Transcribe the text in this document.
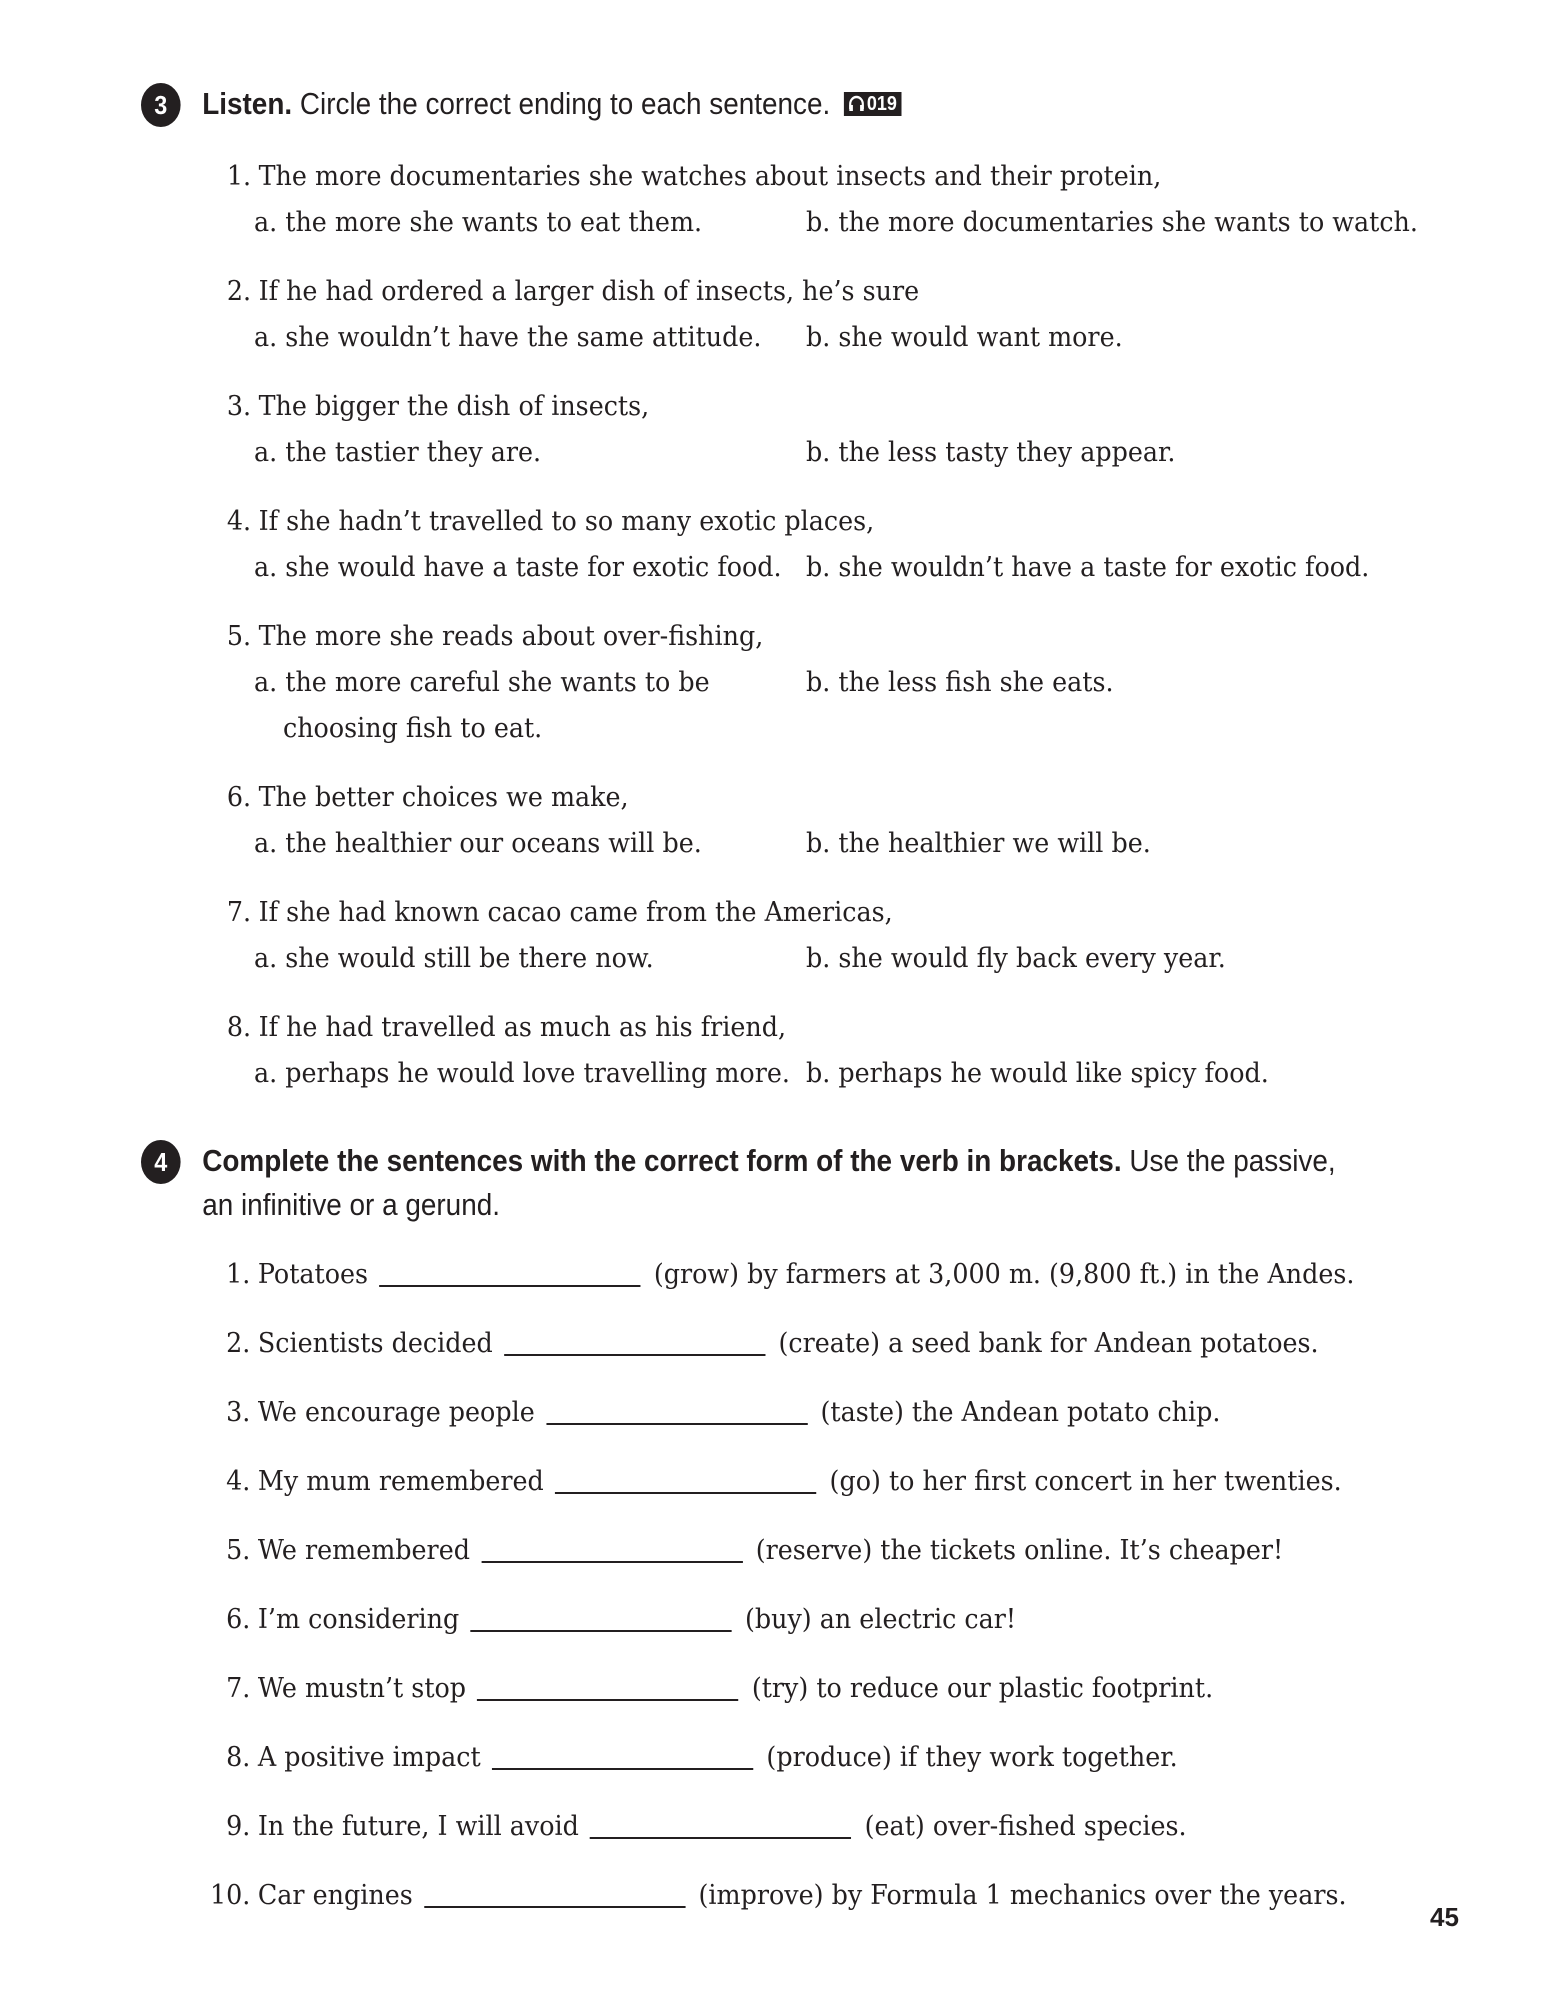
3	Listen. Circle the correct ending to each sentence. 019
1. The more documentaries she watches about insects and their protein,
a. the more she wants to eat them.	b. the more documentaries she wants to watch.
2. If he had ordered a larger dish of insects, he’s sure
a. she wouldn’t have the same attitude. b. she would want more.
3. The bigger the dish of insects,
a. the tastier they are.	b. the less tasty they appear.
4. If she hadn’t travelled to so many exotic places,
a. she would have a taste for exotic food. b. she wouldn’t have a taste for exotic food.
5. The more she reads about over-fishing,
a. the more careful she wants to be
choosing fish to eat.
b. the less fish she eats.
6. The better choices we make,
a. the healthier our oceans will be.	b. the healthier we will be.
7. If she had known cacao came from the Americas,
a. she would still be there now.	b. she would fly back every year.
8. If he had travelled as much as his friend,
a. perhaps he would love travelling more. b. perhaps he would like spicy food.
4	Complete the sentences with the correct form of the verb in brackets. Use the passive,
an infinitive or a gerund.
1. Potatoes	(grow) by farmers at 3,000 m. (9,800 ft.) in the Andes.
2. Scientists decided	(create) a seed bank for Andean potatoes.
3. We encourage people	(taste) the Andean potato chip.
4. My mum remembered	(go) to her first concert in her twenties.
5. We remembered	(reserve) the tickets online. It’s cheaper!
6. I’m considering	(buy) an electric car!
7. We mustn’t stop	(try) to reduce our plastic footprint.
8. A positive impact	(produce) if they work together.
9. In the future, I will avoid	(eat) over-fished species.
10. Car engines	(improve) by Formula 1 mechanics over the years.
45
